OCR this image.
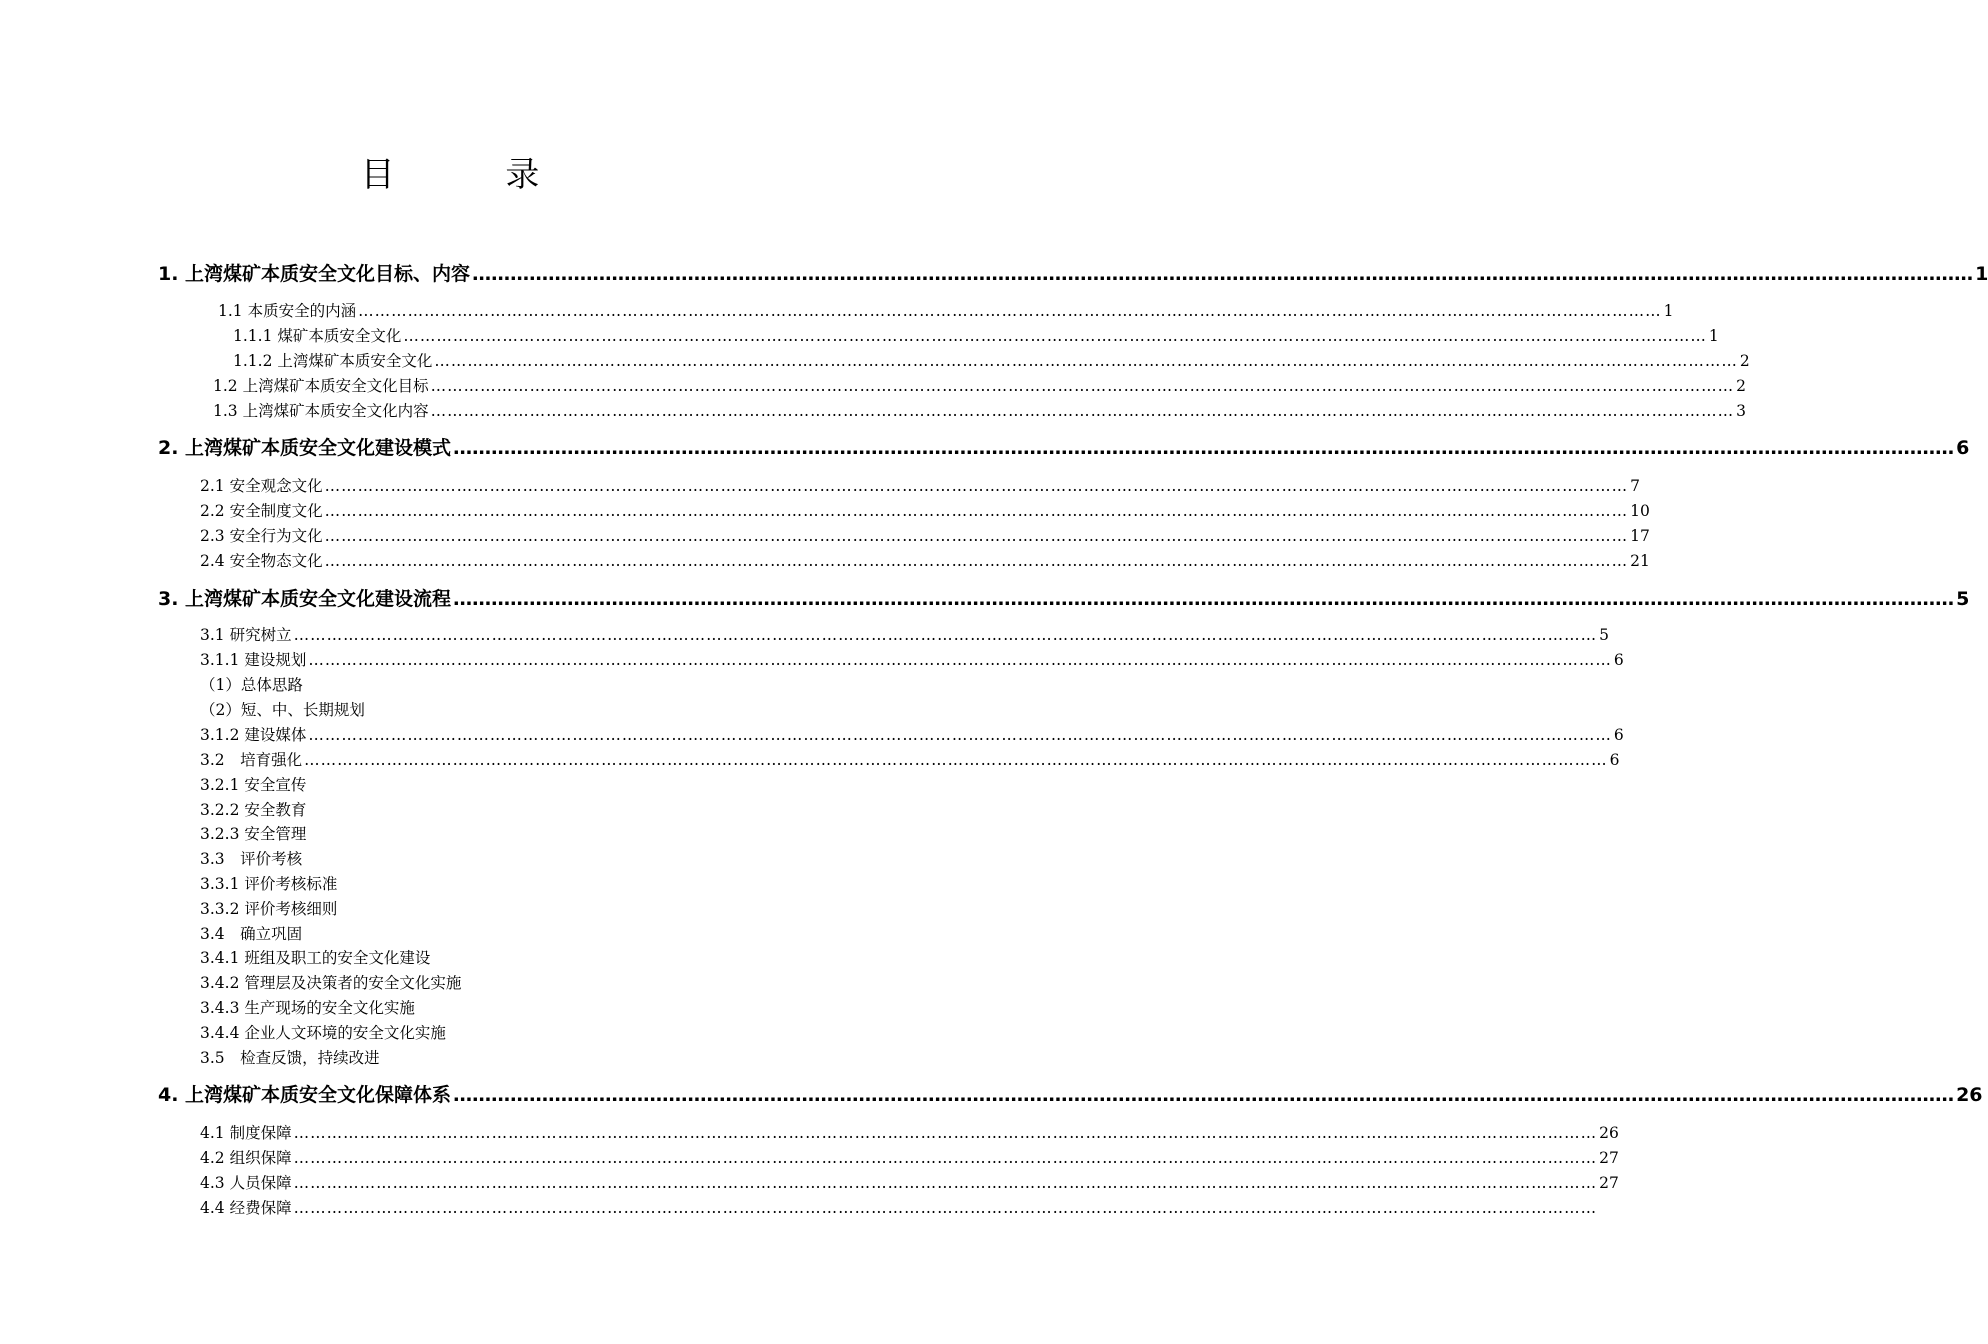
目 录
1. 上湾煤矿本质安全文化目标、内容 ………………………………………………………………………………………………………………………………………………………………………………………………………………… 1
1.1 本质安全的内涵 ………………………………………………………………………………………………………………………………………………………………………………………………………………… 1
1.1.1 煤矿本质安全文化 ………………………………………………………………………………………………………………………………………………………………………………………………………………… 1
1.1.2 上湾煤矿本质安全文化 ………………………………………………………………………………………………………………………………………………………………………………………………………………… 2
1.2 上湾煤矿本质安全文化目标 ………………………………………………………………………………………………………………………………………………………………………………………………………………… 2
1.3 上湾煤矿本质安全文化内容 ………………………………………………………………………………………………………………………………………………………………………………………………………………… 3
2. 上湾煤矿本质安全文化建设模式 ………………………………………………………………………………………………………………………………………………………………………………………………………………… 6
2.1 安全观念文化 ………………………………………………………………………………………………………………………………………………………………………………………………………………… 7
2.2 安全制度文化 ………………………………………………………………………………………………………………………………………………………………………………………………………………… 10
2.3 安全行为文化 ………………………………………………………………………………………………………………………………………………………………………………………………………………… 17
2.4 安全物态文化 ………………………………………………………………………………………………………………………………………………………………………………………………………………… 21
3. 上湾煤矿本质安全文化建设流程 ………………………………………………………………………………………………………………………………………………………………………………………………………………… 5
3.1 研究树立 ………………………………………………………………………………………………………………………………………………………………………………………………………………… 5
3.1.1 建设规划 ………………………………………………………………………………………………………………………………………………………………………………………………………………… 6
（1）总体思路
（2）短、中、长期规划
3.1.2 建设媒体 ………………………………………………………………………………………………………………………………………………………………………………………………………………… 6
3.2　培育强化 ………………………………………………………………………………………………………………………………………………………………………………………………………………… 6
3.2.1 安全宣传
3.2.2 安全教育
3.2.3 安全管理
3.3　评价考核
3.3.1 评价考核标准
3.3.2 评价考核细则
3.4　确立巩固
3.4.1 班组及职工的安全文化建设
3.4.2 管理层及决策者的安全文化实施
3.4.3 生产现场的安全文化实施
3.4.4 企业人文环境的安全文化实施
3.5　检查反馈，持续改进
4. 上湾煤矿本质安全文化保障体系 ………………………………………………………………………………………………………………………………………………………………………………………………………………… 26
4.1 制度保障 ………………………………………………………………………………………………………………………………………………………………………………………………………………… 26
4.2 组织保障 ………………………………………………………………………………………………………………………………………………………………………………………………………………… 27
4.3 人员保障 ………………………………………………………………………………………………………………………………………………………………………………………………………………… 27
4.4 经费保障 …………………………………………………………………………………………………………………………………………………………………………………………………………………
